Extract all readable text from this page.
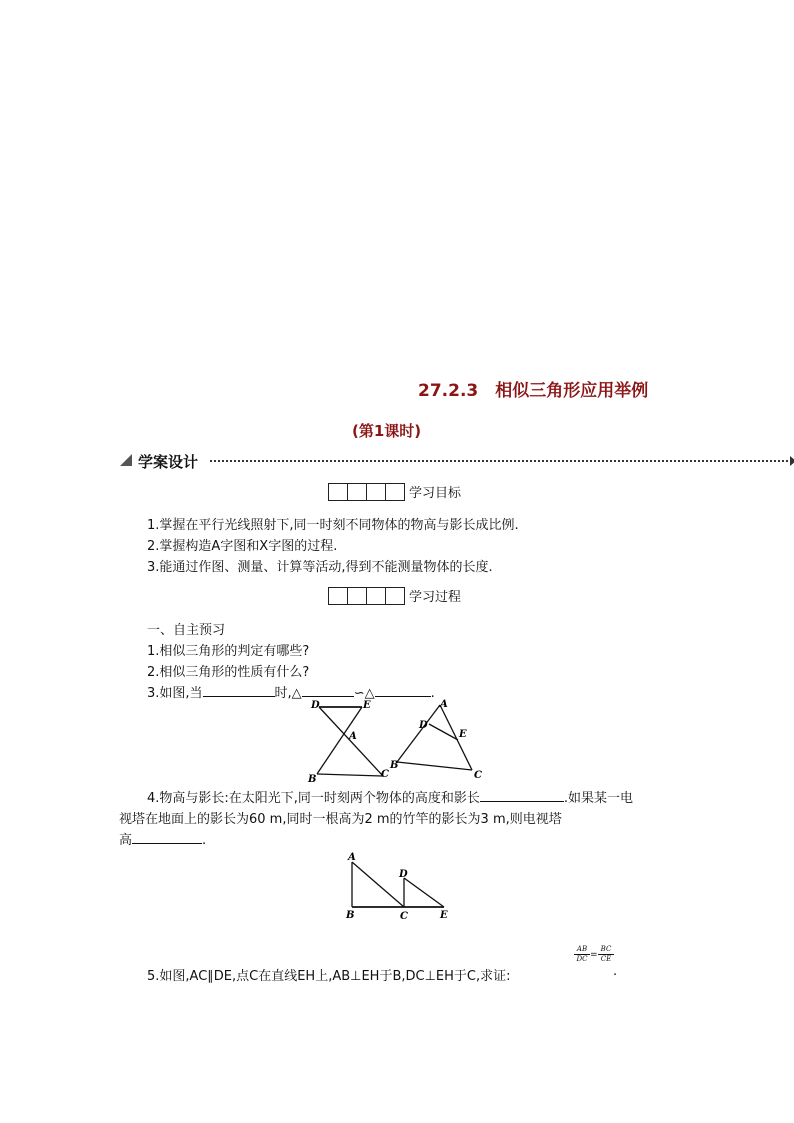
27.2.3　相似三角形应用举例
(第1课时)
学案设计
学习目标
1.掌握在平行光线照射下,同一时刻不同物体的物高与影长成比例.
2.掌握构造A字图和X字图的过程.
3.能通过作图、测量、计算等活动,得到不能测量物体的长度.
学习过程
一、自主预习
1.相似三角形的判定有哪些?
2.相似三角形的性质有什么?
3.如图,当	时,△	∽△	.
D	E
A
B	C
A
D
E
B
C
4.物高与影长:在太阳光下,同一时刻两个物体的高度和影长	.如果某一电
视塔在地面上的影长为60 m,同时一根高为2 m的竹竿的影长为3 m,则电视塔
高	.
A
D
B	C	E
5.如图,AC∥DE,点C在直线EH上,AB⊥EH于B,DC⊥EH于C,求证:
$\frac{AB}{DC} = \frac{BC}{CE}$
.
